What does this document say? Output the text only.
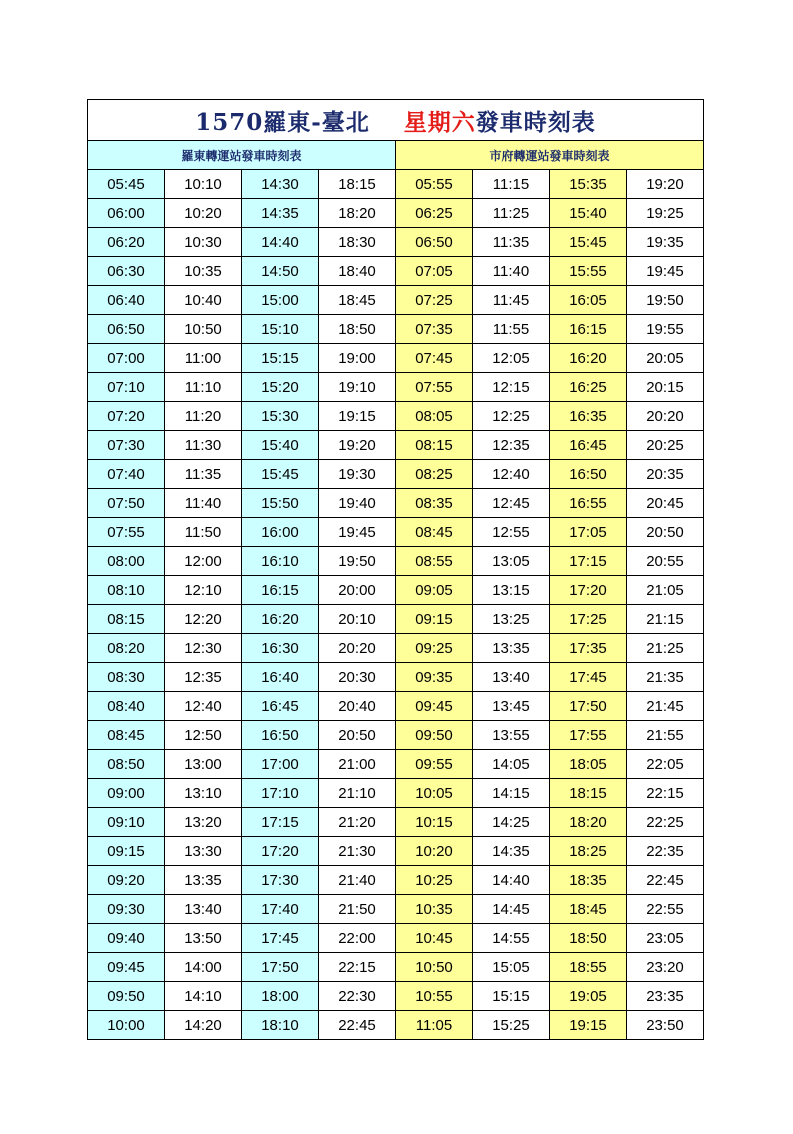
1570羅東-臺北 星期六發車時刻表							
羅東轉運站發車時刻表				市府轉運站發車時刻表			
05:45	10:10	14:30	18:15	05:55	11:15	15:35	19:20
06:00	10:20	14:35	18:20	06:25	11:25	15:40	19:25
06:20	10:30	14:40	18:30	06:50	11:35	15:45	19:35
06:30	10:35	14:50	18:40	07:05	11:40	15:55	19:45
06:40	10:40	15:00	18:45	07:25	11:45	16:05	19:50
06:50	10:50	15:10	18:50	07:35	11:55	16:15	19:55
07:00	11:00	15:15	19:00	07:45	12:05	16:20	20:05
07:10	11:10	15:20	19:10	07:55	12:15	16:25	20:15
07:20	11:20	15:30	19:15	08:05	12:25	16:35	20:20
07:30	11:30	15:40	19:20	08:15	12:35	16:45	20:25
07:40	11:35	15:45	19:30	08:25	12:40	16:50	20:35
07:50	11:40	15:50	19:40	08:35	12:45	16:55	20:45
07:55	11:50	16:00	19:45	08:45	12:55	17:05	20:50
08:00	12:00	16:10	19:50	08:55	13:05	17:15	20:55
08:10	12:10	16:15	20:00	09:05	13:15	17:20	21:05
08:15	12:20	16:20	20:10	09:15	13:25	17:25	21:15
08:20	12:30	16:30	20:20	09:25	13:35	17:35	21:25
08:30	12:35	16:40	20:30	09:35	13:40	17:45	21:35
08:40	12:40	16:45	20:40	09:45	13:45	17:50	21:45
08:45	12:50	16:50	20:50	09:50	13:55	17:55	21:55
08:50	13:00	17:00	21:00	09:55	14:05	18:05	22:05
09:00	13:10	17:10	21:10	10:05	14:15	18:15	22:15
09:10	13:20	17:15	21:20	10:15	14:25	18:20	22:25
09:15	13:30	17:20	21:30	10:20	14:35	18:25	22:35
09:20	13:35	17:30	21:40	10:25	14:40	18:35	22:45
09:30	13:40	17:40	21:50	10:35	14:45	18:45	22:55
09:40	13:50	17:45	22:00	10:45	14:55	18:50	23:05
09:45	14:00	17:50	22:15	10:50	15:05	18:55	23:20
09:50	14:10	18:00	22:30	10:55	15:15	19:05	23:35
10:00	14:20	18:10	22:45	11:05	15:25	19:15	23:50
